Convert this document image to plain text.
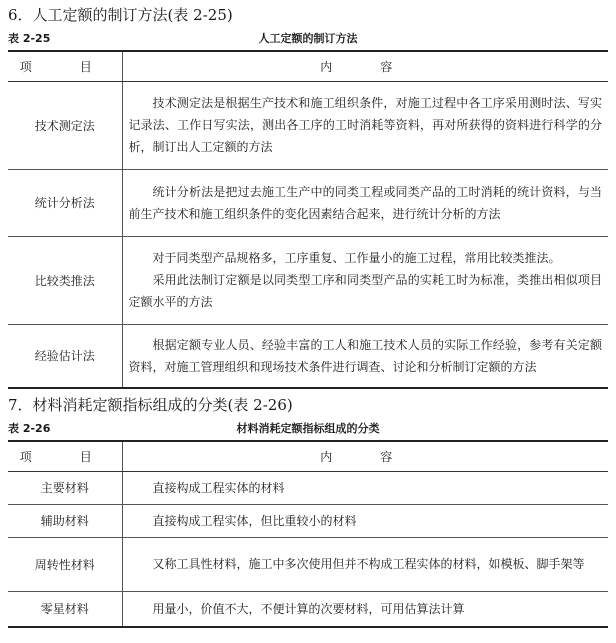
6．人工定额的制订方法(表 2-25)
表 2-25	人工定额的制订方法
项　目	内　容
技术测定法	技术测定法是根据生产技术和施工组织条件，对施工过程中各工序采用测时法、写实记录法、工作日写实法，测出各工序的工时消耗等资料，再对所获得的资料进行科学的分析，制订出人工定额的方法

统计分析法	统计分析法是把过去施工生产中的同类工程或同类产品的工时消耗的统计资料，与当前生产技术和施工组织条件的变化因素结合起来，进行统计分析的方法

比较类推法	对于同类型产品规格多，工序重复、工作量小的施工过程，常用比较类推法。
采用此法制订定额是以同类型工序和同类型产品的实耗工时为标准，类推出相似项目定额水平的方法

经验估计法	根据定额专业人员、经验丰富的工人和施工技术人员的实际工作经验，参考有关定额资料，对施工管理组织和现场技术条件进行调查、讨论和分析制订定额的方法
7．材料消耗定额指标组成的分类(表 2-26)
表 2-26	材料消耗定额指标组成的分类
项　目	内　容
主要材料	直接构成工程实体的材料

辅助材料	直接构成工程实体，但比重较小的材料

周转性材料	又称工具性材料，施工中多次使用但并不构成工程实体的材料，如模板、脚手架等

零星材料	用量小，价值不大，不便计算的次要材料，可用估算法计算
